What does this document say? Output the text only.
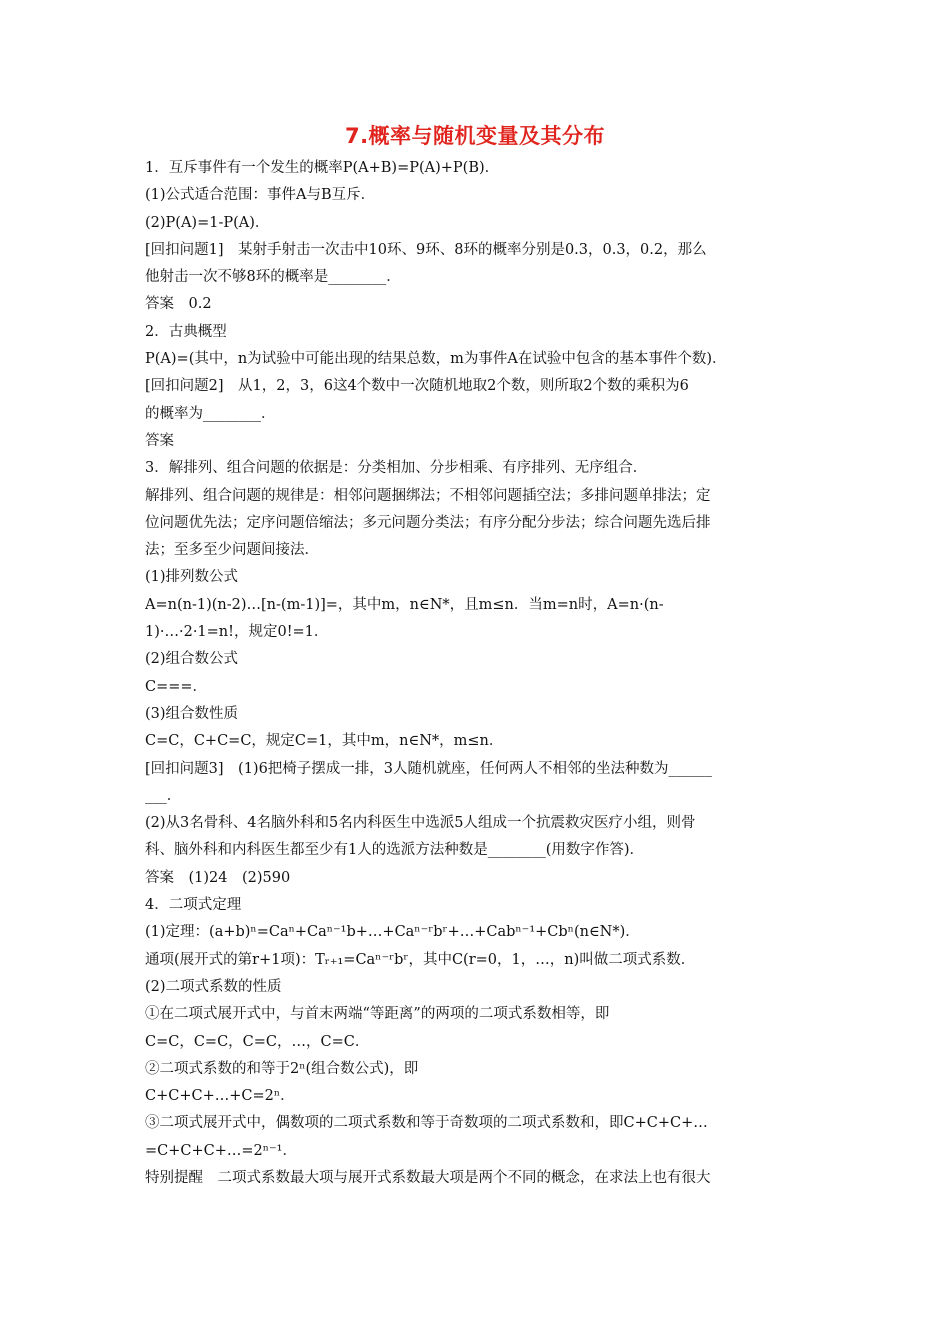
7.概率与随机变量及其分布
1．互斥事件有一个发生的概率P(A+B)=P(A)+P(B)．
(1)公式适合范围：事件A与B互斥．
(2)P(A)=1-P(A)．
[回扣问题1]　某射手射击一次击中10环、9环、8环的概率分别是0.3，0.3，0.2，那么
他射击一次不够8环的概率是________．
答案　0.2
2．古典概型
P(A)=(其中，n为试验中可能出现的结果总数，m为事件A在试验中包含的基本事件个数)．
[回扣问题2]　从1，2，3，6这4个数中一次随机地取2个数，则所取2个数的乘积为6
的概率为________．
答案
3．解排列、组合问题的依据是：分类相加、分步相乘、有序排列、无序组合．
解排列、组合问题的规律是：相邻问题捆绑法；不相邻问题插空法；多排问题单排法；定
位问题优先法；定序问题倍缩法；多元问题分类法；有序分配分步法；综合问题先选后排
法；至多至少问题间接法．
(1)排列数公式
A=n(n-1)(n-2)…[n-(m-1)]=，其中m，n∈N*，且m≤n．当m=n时，A=n·(n-
1)·…·2·1=n!，规定0!=1．
(2)组合数公式
C===．
(3)组合数性质
C=C，C+C=C，规定C=1，其中m，n∈N*，m≤n．
[回扣问题3]　(1)6把椅子摆成一排，3人随机就座，任何两人不相邻的坐法种数为______
___．
(2)从3名骨科、4名脑外科和5名内科医生中选派5人组成一个抗震救灾医疗小组，则骨
科、脑外科和内科医生都至少有1人的选派方法种数是________(用数字作答)．
答案　(1)24　(2)590
4．二项式定理
(1)定理：(a+b)ⁿ=Caⁿ+Caⁿ⁻¹b+…+Caⁿ⁻ʳbʳ+…+Cabⁿ⁻¹+Cbⁿ(n∈N*)．
通项(展开式的第r+1项)：Tᵣ₊₁=Caⁿ⁻ʳbʳ，其中C(r=0，1，…，n)叫做二项式系数．
(2)二项式系数的性质
①在二项式展开式中，与首末两端“等距离”的两项的二项式系数相等，即
C=C，C=C，C=C，…，C=C．
②二项式系数的和等于2ⁿ(组合数公式)，即
C+C+C+…+C=2ⁿ．
③二项式展开式中，偶数项的二项式系数和等于奇数项的二项式系数和，即C+C+C+…
=C+C+C+…=2ⁿ⁻¹．
特别提醒　二项式系数最大项与展开式系数最大项是两个不同的概念，在求法上也有很大
